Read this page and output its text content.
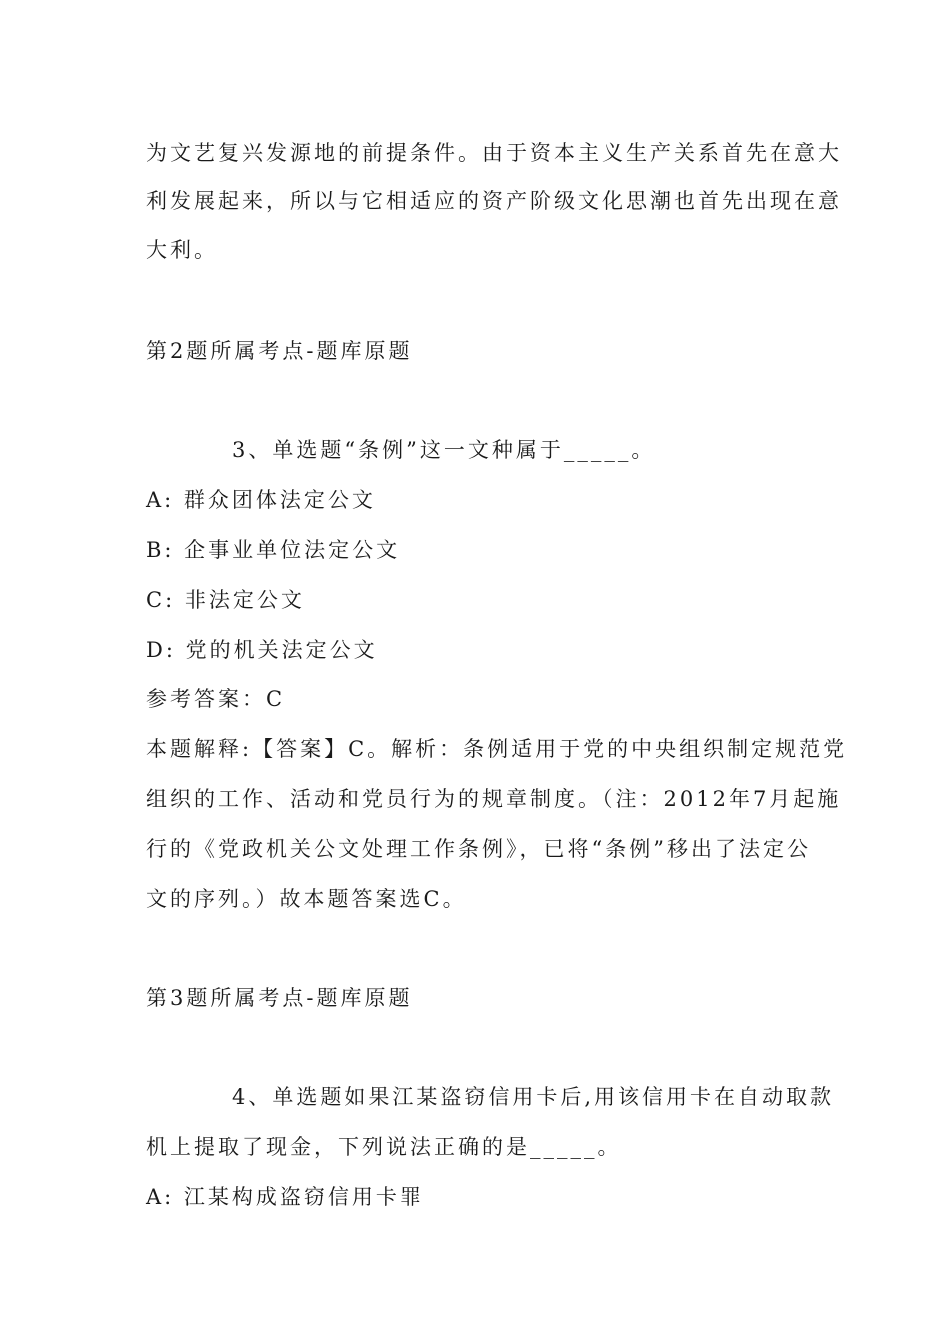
为文艺复兴发源地的前提条件。由于资本主义生产关系首先在意大
利发展起来，所以与它相适应的资产阶级文化思潮也首先出现在意
大利。
第2题所属考点-题库原题
3、单选题“条例”这一文种属于_____。
A: 群众团体法定公文
B: 企事业单位法定公文
C: 非法定公文
D: 党的机关法定公文
参考答案：C
本题解释:【答案】C。解析：条例适用于党的中央组织制定规范党
组织的工作、活动和党员行为的规章制度。（注：2012年7月起施
行的《党政机关公文处理工作条例》，已将“条例”移出了法定公
文的序列。）故本题答案选C。
第3题所属考点-题库原题
4、单选题如果江某盗窃信用卡后,用该信用卡在自动取款
机上提取了现金，下列说法正确的是_____。
A: 江某构成盗窃信用卡罪
